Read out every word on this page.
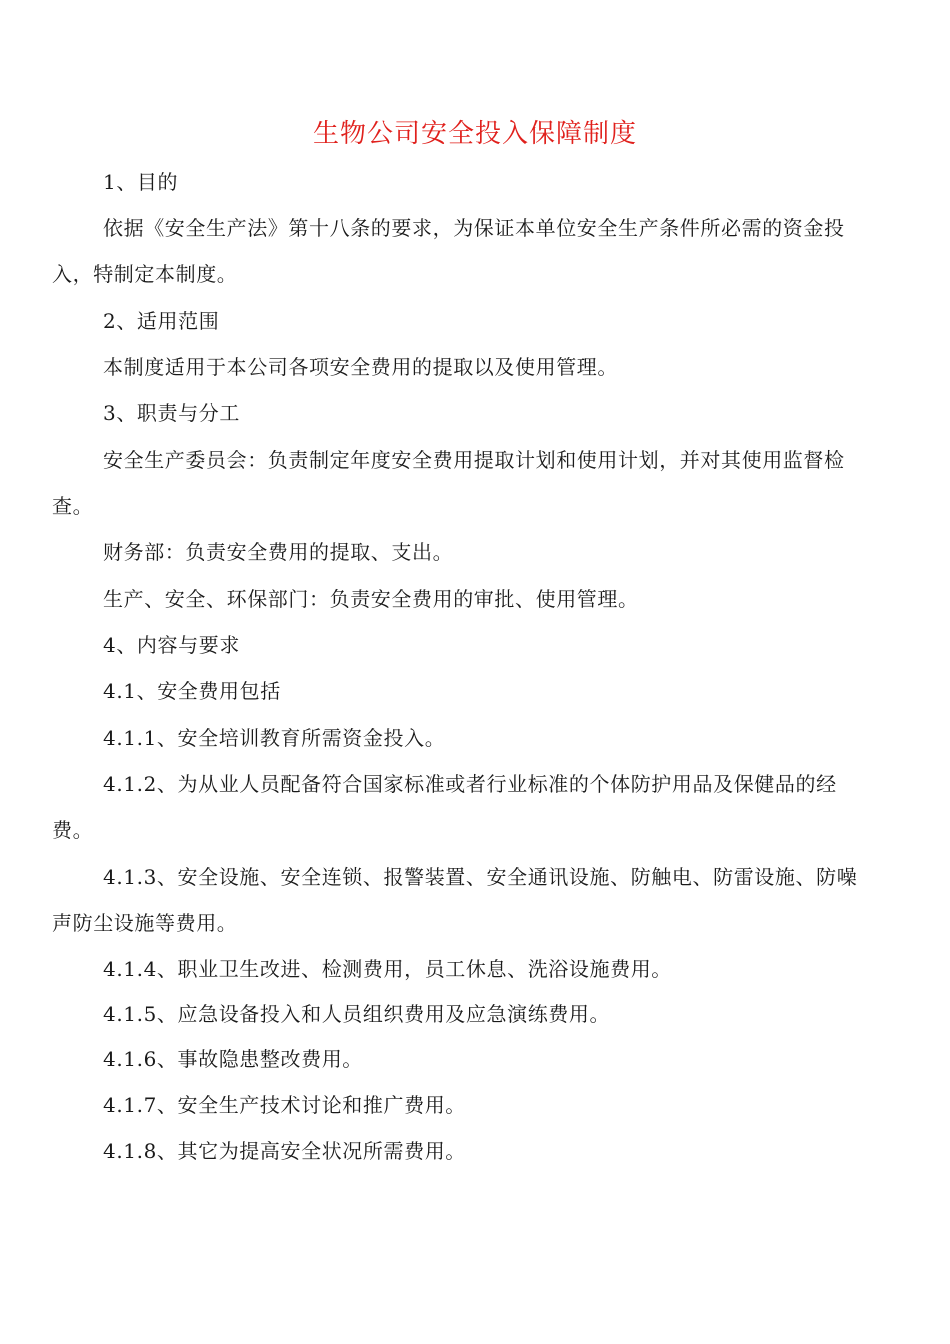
生物公司安全投入保障制度
1、目的
依据《安全生产法》第十八条的要求，为保证本单位安全生产条件所必需的资金投
入，特制定本制度。
2、适用范围
本制度适用于本公司各项安全费用的提取以及使用管理。
3、职责与分工
安全生产委员会：负责制定年度安全费用提取计划和使用计划，并对其使用监督检
查。
财务部：负责安全费用的提取、支出。
生产、安全、环保部门：负责安全费用的审批、使用管理。
4、内容与要求
4.1、安全费用包括
4.1.1、安全培训教育所需资金投入。
4.1.2、为从业人员配备符合国家标准或者行业标准的个体防护用品及保健品的经
费。
4.1.3、安全设施、安全连锁、报警装置、安全通讯设施、防触电、防雷设施、防噪
声防尘设施等费用。
4.1.4、职业卫生改进、检测费用，员工休息、洗浴设施费用。
4.1.5、应急设备投入和人员组织费用及应急演练费用。
4.1.6、事故隐患整改费用。
4.1.7、安全生产技术讨论和推广费用。
4.1.8、其它为提高安全状况所需费用。
